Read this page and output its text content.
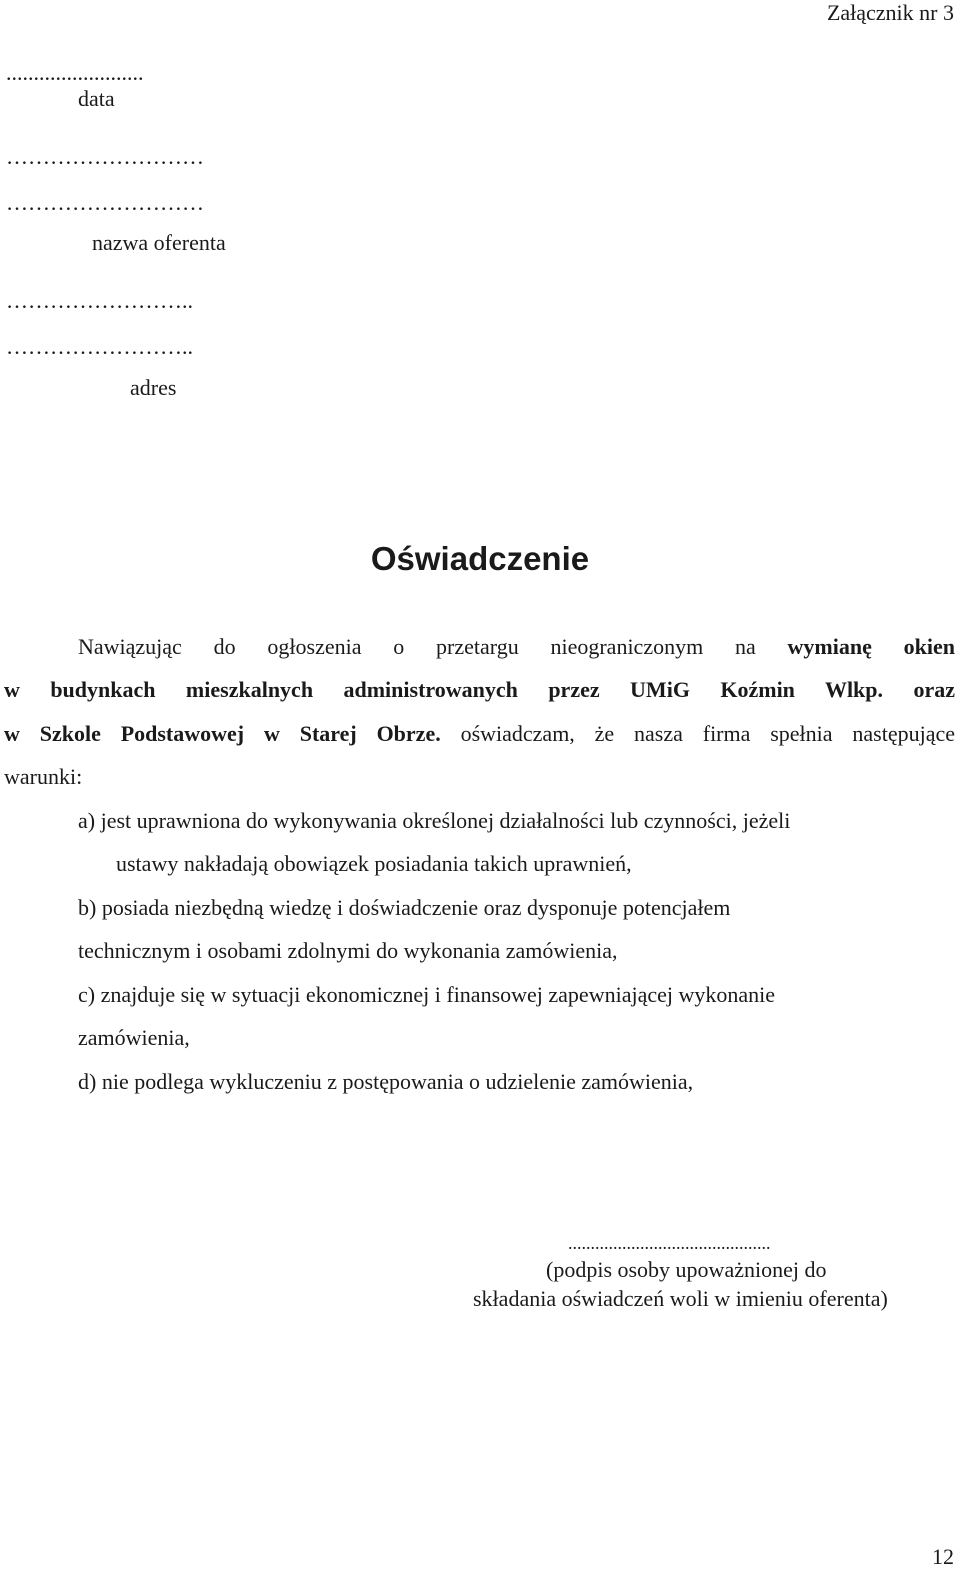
Załącznik nr 3
.........................
data
………………………
………………………
nazwa oferenta
……………………..
……………………..
adres
Oświadczenie
Nawiązując do ogłoszenia o przetargu nieograniczonym na wymianę okien
w budynkach mieszkalnych administrowanych przez UMiG Koźmin Wlkp. oraz
w Szkole Podstawowej w Starej Obrze. oświadczam, że nasza firma spełnia następujące
warunki:
a) jest uprawniona do wykonywania określonej działalności lub czynności, jeżeli
ustawy nakładają obowiązek posiadania takich uprawnień,
b) posiada niezbędną wiedzę i doświadczenie oraz dysponuje potencjałem
technicznym i osobami zdolnymi do wykonania zamówienia,
c) znajduje się w sytuacji ekonomicznej i finansowej zapewniającej wykonanie
zamówienia,
d) nie podlega wykluczeniu z postępowania o udzielenie zamówienia,
.............................................
(podpis osoby upoważnionej do
składania oświadczeń woli w imieniu oferenta)
12
